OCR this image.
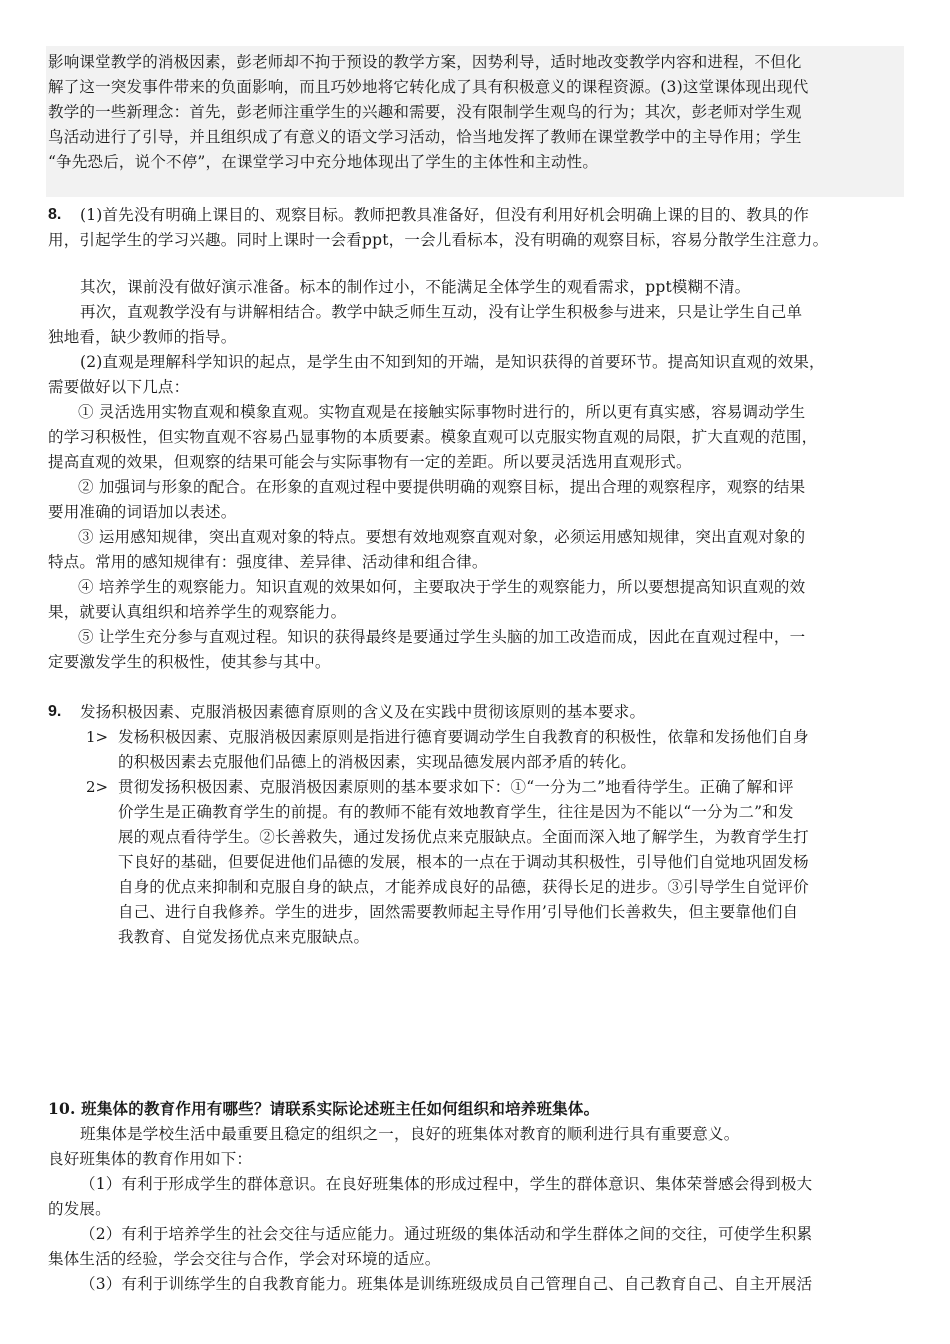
影响课堂教学的消极因素，彭老师却不拘于预设的教学方案，因势利导，适时地改变教学内容和进程，不但化
解了这一突发事件带来的负面影响，而且巧妙地将它转化成了具有积极意义的课程资源。(3)这堂课体现出现代
教学的一些新理念：首先，彭老师注重学生的兴趣和需要，没有限制学生观鸟的行为；其次，彭老师对学生观
鸟活动进行了引导，并且组织成了有意义的语文学习活动，恰当地发挥了教师在课堂教学中的主导作用；学生
“争先恐后，说个不停”，在课堂学习中充分地体现出了学生的主体性和主动性。
8. (1)首先没有明确上课目的、观察目标。教师把教具准备好，但没有利用好机会明确上课的目的、教具的作
用，引起学生的学习兴趣。同时上课时一会看ppt，一会儿看标本，没有明确的观察目标，容易分散学生注意力。
其次，课前没有做好演示准备。标本的制作过小，不能满足全体学生的观看需求，ppt模糊不清。
再次，直观教学没有与讲解相结合。教学中缺乏师生互动，没有让学生积极参与进来，只是让学生自己单
独地看，缺少教师的指导。
(2)直观是理解科学知识的起点，是学生由不知到知的开端，是知识获得的首要环节。提高知识直观的效果，
需要做好以下几点：
① 灵活选用实物直观和模象直观。实物直观是在接触实际事物时进行的，所以更有真实感，容易调动学生
的学习积极性，但实物直观不容易凸显事物的本质要素。模象直观可以克服实物直观的局限，扩大直观的范围，
提高直观的效果，但观察的结果可能会与实际事物有一定的差距。所以要灵活选用直观形式。
② 加强词与形象的配合。在形象的直观过程中要提供明确的观察目标，提出合理的观察程序，观察的结果
要用准确的词语加以表述。
③ 运用感知规律，突出直观对象的特点。要想有效地观察直观对象，必须运用感知规律，突出直观对象的
特点。常用的感知规律有：强度律、差异律、活动律和组合律。
④ 培养学生的观察能力。知识直观的效果如何，主要取决于学生的观察能力，所以要想提高知识直观的效
果，就要认真组织和培养学生的观察能力。
⑤ 让学生充分参与直观过程。知识的获得最终是要通过学生头脑的加工改造而成，因此在直观过程中，一
定要激发学生的积极性，使其参与其中。
9. 发扬积极因素、克服消极因素德育原则的含义及在实践中贯彻该原则的基本要求。
1> 发杨积极因素、克服消极因素原则是指进行德育要调动学生自我教育的积极性，依靠和发扬他们自身
的积极因素去克服他们品德上的消极因素，实现品德发展内部矛盾的转化。
2> 贯彻发扬积极因素、克服消极因素原则的基本要求如下：①“一分为二”地看待学生。正确了解和评
价学生是正确教育学生的前提。有的教师不能有效地教育学生，往往是因为不能以“一分为二”和发
展的观点看待学生。②长善救失，通过发扬优点来克服缺点。全面而深入地了解学生，为教育学生打
下良好的基础，但要促进他们品德的发展，根本的一点在于调动其积极性，引导他们自觉地巩固发杨
自身的优点来抑制和克服自身的缺点，才能养成良好的品德，获得长足的进步。③引导学生自觉评价
自己、进行自我修养。学生的进步，固然需要教师起主导作用’引导他们长善救失，但主要靠他们自
我教育、自觉发扬优点来克服缺点。
10. 班集体的教育作用有哪些？请联系实际论述班主任如何组织和培养班集体。
班集体是学校生活中最重要且稳定的组织之一，良好的班集体对教育的顺利进行具有重要意义。
良好班集体的教育作用如下：
（1）有利于形成学生的群体意识。在良好班集体的形成过程中，学生的群体意识、集体荣誉感会得到极大
的发展。
（2）有利于培养学生的社会交往与适应能力。通过班级的集体活动和学生群体之间的交往，可使学生积累
集体生活的经验，学会交往与合作，学会对环境的适应。
（3）有利于训练学生的自我教育能力。班集体是训练班级成员自己管理自己、自己教育自己、自主开展活
